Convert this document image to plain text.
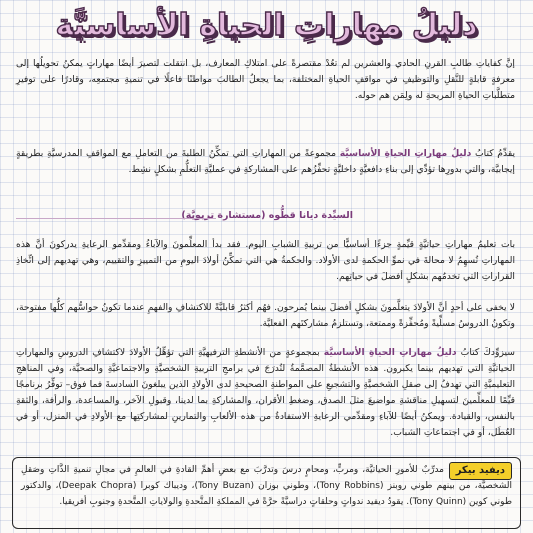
دليلُ مهاراتِ الحياةِ الأساسيَّة

إنَّ كفاياتِ طالبِ القرنِ الحادي والعشرين لم تعُدْ مقتصرةً على امتلاكِ المعارف، بل انتقلت لتصيرَ أيضًا مهاراتٍ يمكنُ تحويلُها إلى معرفةٍ قابلةٍ للنَّقلِ والتوظيفِ في مواقفِ الحياةِ المختلفة، بما يجعلُ الطالبَ مواطنًا فاعلًا في تنميةِ مجتمعِه، وقادرًا على توفيرِ متطلَّباتِ الحياةِ المريحةِ له ولِمَن هم حوله.

يقدِّمُ كتابُ دليلُ مهاراتِ الحياةِ الأساسيَّة مجموعةً من المهاراتِ التي تمكِّنُ الطلبةَ من التعاملِ مع المواقفِ المدرسيَّةِ بطريقةٍ إيجابيَّة، والتي بدورِها تؤدِّي إلى بناءِ دافعيَّةٍ داخليَّةٍ تحفِّزُهم على المشاركةِ في عمليَّةِ التعلُّمِ بشكلٍ نشِط.

السيِّدة ديانا قطُّوه (مستشارة تربويَّة)

بات تعليمُ مهاراتِ حياتيَّةٍ قيِّمةٍ جزءًا أساسيًّا من تربيةِ الشبابِ اليوم. فقد بدأ المعلِّمونَ والآباءُ ومقدِّمو الرعايةِ يدركونَ أنَّ هذه المهاراتِ تُسهِمُ لا محالةَ في نموِّ الحكمةِ لدى الأولاد. والحكمةُ هي التي تمكِّنُ أولادَ اليومِ من التمييزِ والتقييم، وهي تهديهم إلى اتِّخاذِ القراراتِ التي تخدمُهم بشكلٍ أفضلَ في حياتِهم.

لا يخفى على أحدٍ أنَّ الأولادَ يتعلَّمونَ بشكلٍ أفضلَ بينما يُمرحون. فهُم أكثرُ قابليَّةً للاكتشافِ والفهمِ عندما تكونُ حواسُّهم كلُّها مفتوحة، وتكونُ الدروسُ مسلِّيةً ومُحفِّزةً وممتعة، وتستلزمُ مشاركتَهم الفعليَّة.

سيزوِّدكَ كتابُ دليلُ مهاراتِ الحياةِ الأساسيَّة بمجموعةٍ من الأنشطةِ الترفيهيَّةِ التي تؤهِّلُ الأولادَ لاكتشافِ الدروسِ والمهاراتِ الحياتيَّةِ التي تهديهم بينما يكبرون. هذه الأنشطةُ المصمَّمةُ لتُدرَجَ في برامجِ التربيةِ الشخصيَّةِ والاجتماعيَّةِ والصحيَّة، وفي المناهجِ التعليميَّةِ التي تهدفُ إلى صقلِ الشخصيَّةِ والتشجيعِ على المواطنةِ الصحيحةِ لدى الأولادِ الذين يبلغونَ السادسةَ فما فوق– توفِّرُ برنامجًا قيِّمًا للمعلِّمينَ لتسهيلِ مناقشةِ مواضيعَ مثلَ الصدق، وضغطِ الأقران، والمشاركةِ بما لدينا، وقبولِ الآخر، والمساعدة، والرأفة، والثقةِ بالنفس، والقيادة. ويمكنُ أيضًا للآباءِ ومقدِّمي الرعايةِ الاستفادةُ من هذه الألعابِ والتمارينِ لمشاركتِها مع الأولادِ في المنزل، أو في العُطَل، أو في اجتماعاتِ الشباب.

مدرِّبٌ للأمورِ الحياتيَّة، ومربٍّ، ومحامٍ درسَ وتدرَّبَ مع بعضِ أهمِّ القادةِ في العالمِ في مجالِ تنميةِ الذَّاتِ وصَقلِ الشخصيَّة، من بينهم طوني روبنز (Tony Robbins)، وطوني بوزان (Tony Buzan)، وديباك كوبرا (Deepak Chopra)، والدكتور طوني كوين (Tony Quinn). يقودُ ديفيد ندواتٍ وحلقاتٍ دراسيَّةً حرَّةً في المملكةِ المتَّحدةِ والولاياتِ المتَّحدةِ وجنوبِ أفريقيا.

ديفيد بيكر
